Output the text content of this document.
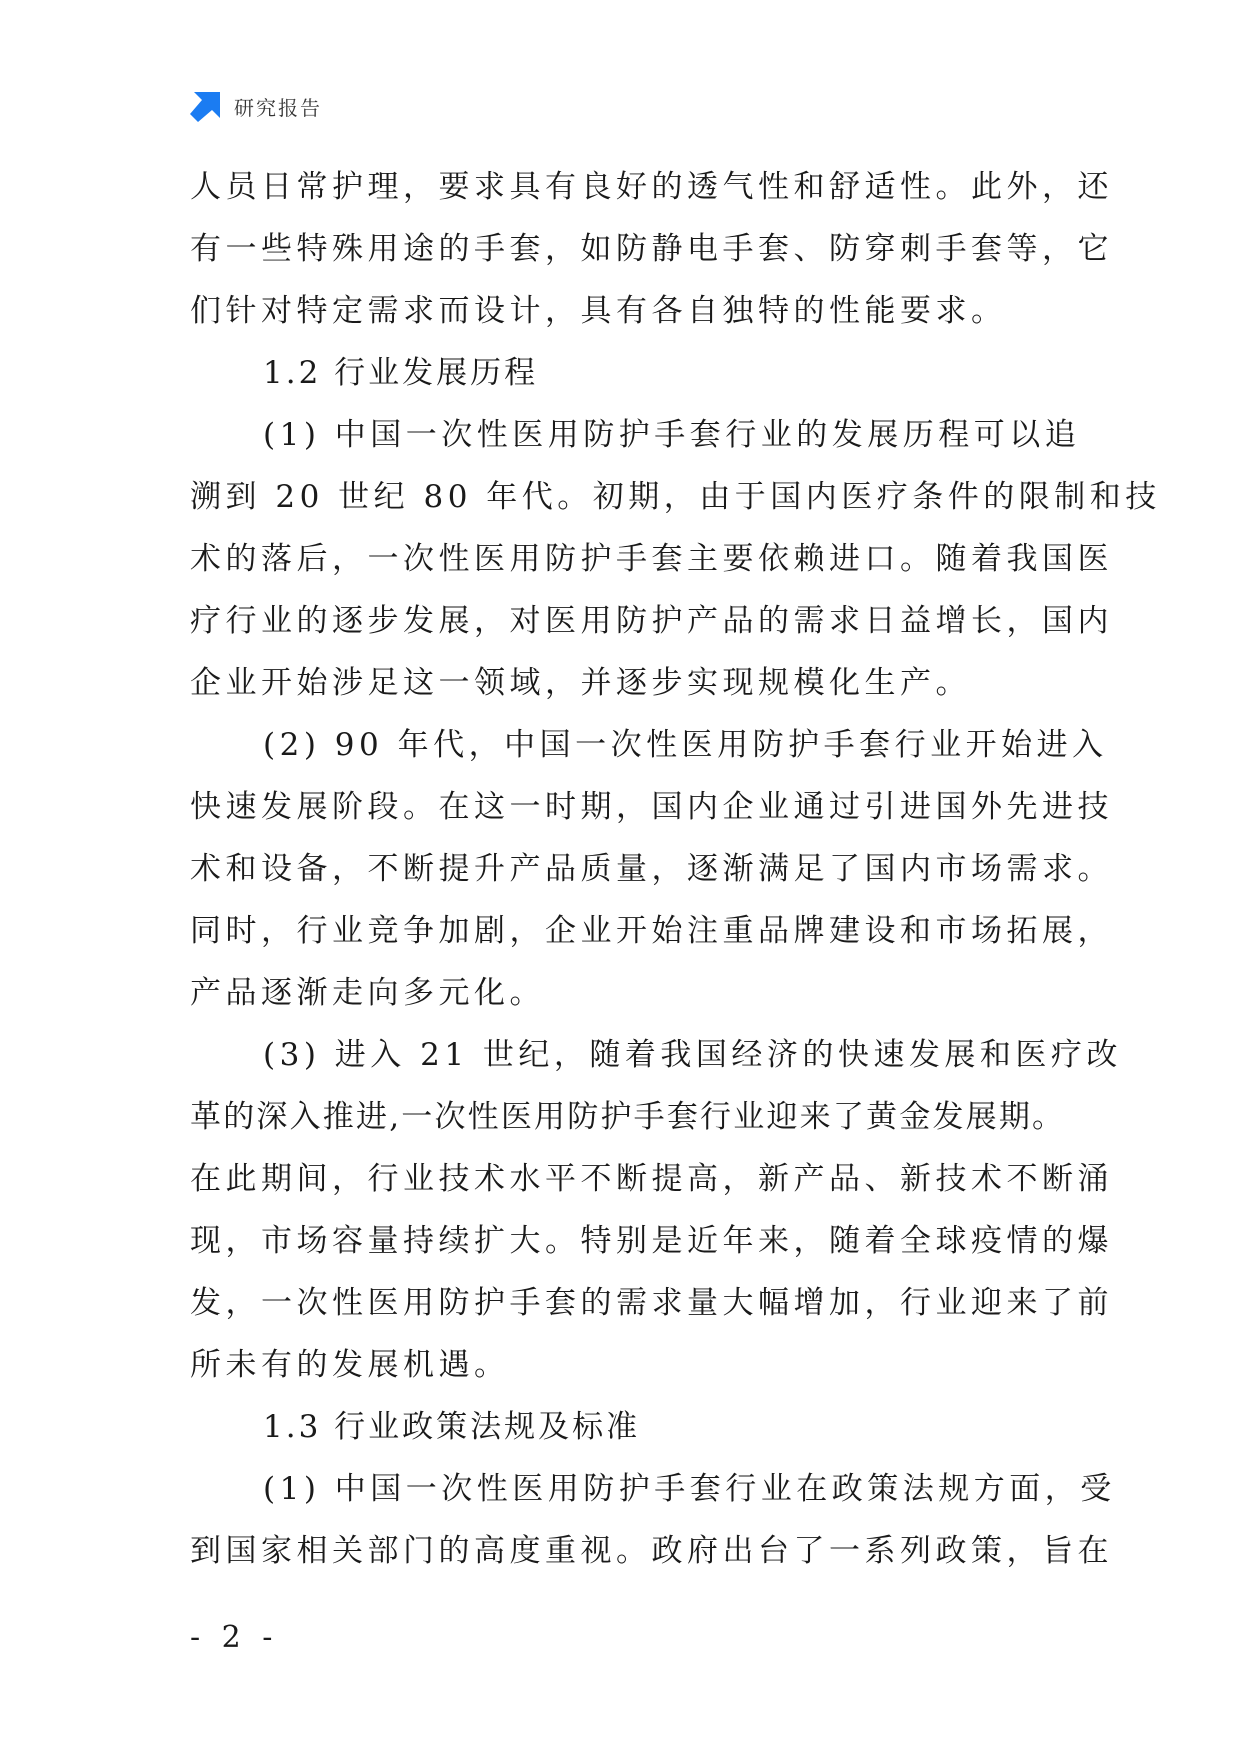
研究报告
人员日常护理，要求具有良好的透气性和舒适性。此外，还
有一些特殊用途的手套，如防静电手套、防穿刺手套等，它
们针对特定需求而设计，具有各自独特的性能要求。
1.2 行业发展历程
(1) 中国一次性医用防护手套行业的发展历程可以追
溯到 20 世纪 80 年代。初期，由于国内医疗条件的限制和技
术的落后，一次性医用防护手套主要依赖进口。随着我国医
疗行业的逐步发展，对医用防护产品的需求日益增长，国内
企业开始涉足这一领域，并逐步实现规模化生产。
(2) 90 年代，中国一次性医用防护手套行业开始进入
快速发展阶段。在这一时期，国内企业通过引进国外先进技
术和设备，不断提升产品质量，逐渐满足了国内市场需求。
同时，行业竞争加剧，企业开始注重品牌建设和市场拓展，
产品逐渐走向多元化。
(3) 进入 21 世纪，随着我国经济的快速发展和医疗改
革的深入推进,一次性医用防护手套行业迎来了黄金发展期。
在此期间，行业技术水平不断提高，新产品、新技术不断涌
现，市场容量持续扩大。特别是近年来，随着全球疫情的爆
发，一次性医用防护手套的需求量大幅增加，行业迎来了前
所未有的发展机遇。
1.3 行业政策法规及标准
(1) 中国一次性医用防护手套行业在政策法规方面，受
到国家相关部门的高度重视。政府出台了一系列政策，旨在
- 2 -
